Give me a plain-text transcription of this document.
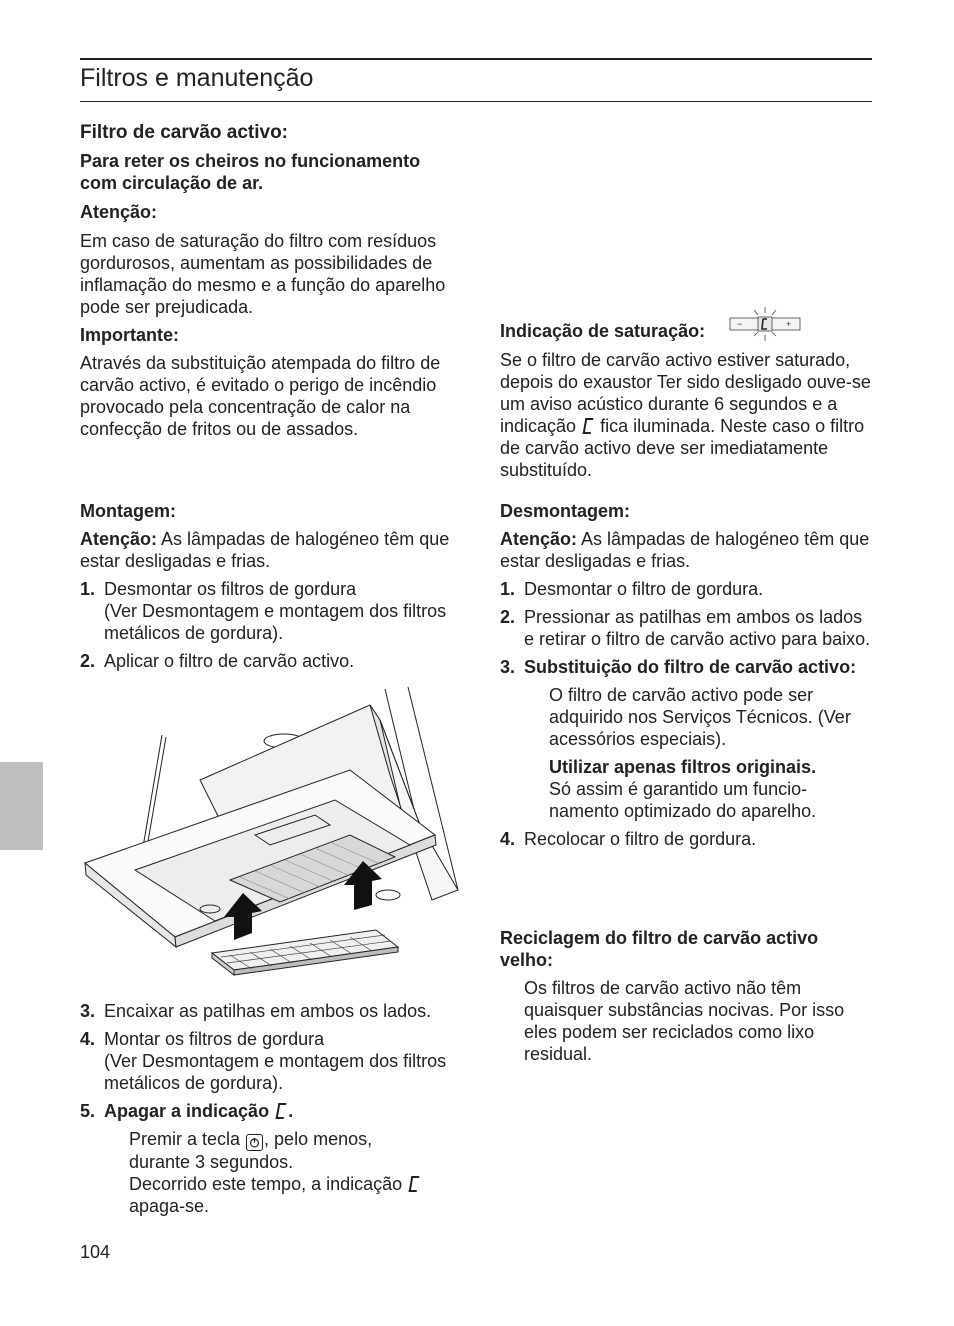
Filtros e manutenção

Filtro de carvão activo:

Para reter os cheiros no funcionamento com circulação de ar.

Atenção:

Em caso de saturação do filtro com resíduos gordurosos, aumentam as possibilidades de inflamação do mesmo e a função do aparelho pode ser prejudicada.

Importante:

Através da substituição atempada do filtro de carvão activo, é evitado o perigo de incêndio provocado pela concentração de calor na confecção de fritos ou de assados.

Montagem:

Atenção: As lâmpadas de halogéneo têm que estar desligadas e frias.

1. Desmontar os filtros de gordura

(Ver Desmontagem e montagem dos filtros metálicos de gordura).

2. Aplicar o filtro de carvão activo.

3. Encaixar as patilhas em ambos os lados.

4. Montar os filtros de gordura

(Ver Desmontagem e montagem dos filtros metálicos de gordura).

5. Apagar a indicação .

Premir a tecla
, pelo menos,

durante 3 segundos.

Decorrido este tempo, a indicação

apaga-se.

Indicação de saturação:

Se o filtro de carvão activo estiver saturado, depois do exaustor Ter sido desligado ouve-se um aviso acústico durante 6 segundos e a indicação  fica iluminada. Neste caso o filtro de carvão activo deve ser imediatamente substituído.

−	+

Desmontagem:

Atenção: As lâmpadas de halogéneo têm que estar desligadas e frias.

1. Desmontar o filtro de gordura.

2. Pressionar as patilhas em ambos os lados e retirar o filtro de carvão activo para baixo.

3. Substituição do filtro de carvão activo:

O filtro de carvão activo pode ser adquirido nos Serviços Técnicos. (Ver acessórios especiais).

Utilizar apenas filtros originais.

Só assim é garantido um funcio-namento optimizado do aparelho.

4. Recolocar o filtro de gordura.

Reciclagem do filtro de carvão activo velho:

Os filtros de carvão activo não têm quaisquer substâncias nocivas. Por isso eles podem ser reciclados como lixo residual.

104
